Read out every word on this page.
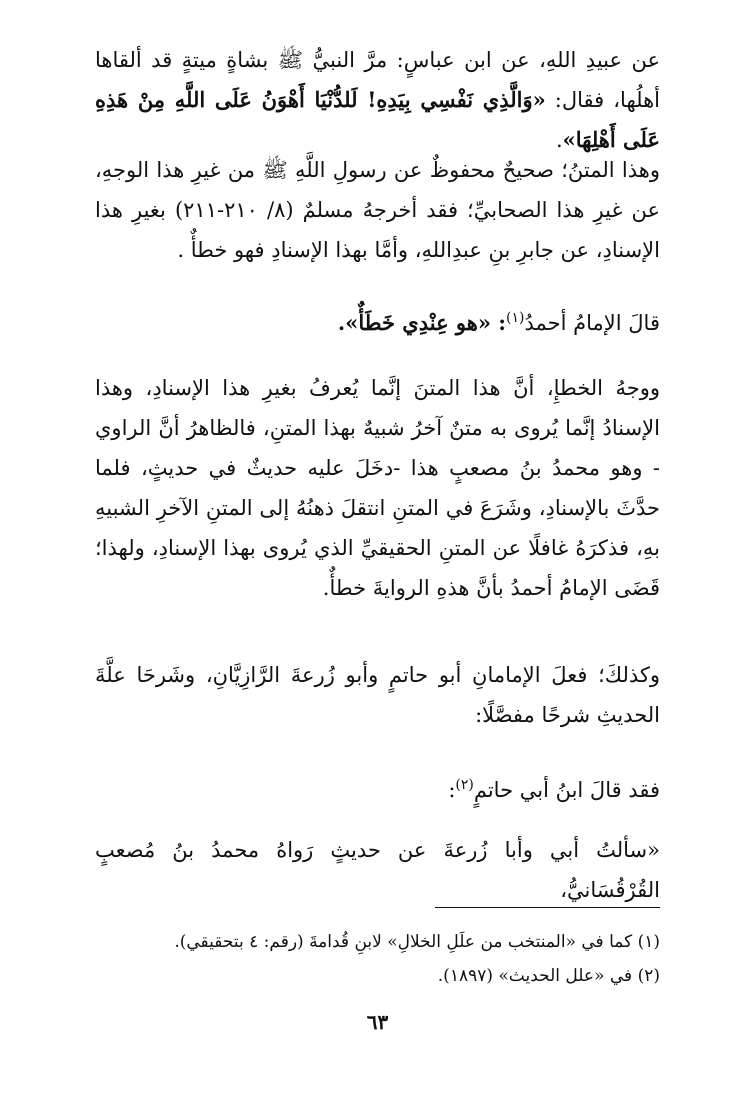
عن عبيدِ اللهِ، عن ابن عباسٍ: مرَّ النبيُّ ﷺ بشاةٍ ميتةٍ قد ألقاها أهلُها، فقال: «وَالَّذِي نَفْسِي بِيَدِهِ! لَلدُّنْيَا أَهْوَنُ عَلَى اللَّهِ مِنْ هَذِهِ عَلَى أَهْلِهَا».

وهذا المتنُ؛ صحيحٌ محفوظٌ عن رسولِ اللَّهِ ﷺ من غيرِ هذا الوجهِ، عن غيرِ هذا الصحابيِّ؛ فقد أخرجهُ مسلمٌ (٨/ ٢١٠-٢١١) بغيرِ هذا الإسنادِ، عن جابرِ بنِ عبدِاللهِ، وأمَّا بهذا الإسنادِ فهو خطأٌ .

قالَ الإمامُ أحمدُ$^{(١)}$: «هو عِنْدِي خَطَأٌ».

ووجهُ الخطإِ، أنَّ هذا المتنَ إنَّما يُعرفُ بغيرِ هذا الإسنادِ، وهذا الإسنادُ إنَّما يُروى به متنٌ آخرُ شبيهٌ بهذا المتنِ، فالظاهرُ أنَّ الراوي - وهو محمدُ بنُ مصعبٍ هذا -دخَلَ عليه حديثٌ في حديثٍ، فلما حدَّثَ بالإسنادِ، وشَرَعَ في المتنِ انتقلَ ذهنُهُ إلى المتنِ الآخرِ الشبيهِ بهِ، فذكرَهُ غافلًا عن المتنِ الحقيقيِّ الذي يُروى بهذا الإسنادِ، ولهذا؛ قَضَى الإمامُ أحمدُ بأنَّ هذهِ الروايةَ خطأٌ.

وكذلكَ؛ فعلَ الإمامانِ أبو حاتمٍ وأبو زُرعةَ الرَّازِيَّانِ، وشَرحَا علَّةَ الحديثِ شرحًا مفصَّلًا:

فقد قالَ ابنُ أبي حاتمٍ$^{(٢)}$:

«سألتُ أبي وأبا زُرعةَ عن حديثٍ رَواهُ محمدُ بنُ مُصعبٍ القُرْقُسَانيُّ،

(١) كما في «المنتخب من علَلِ الخلالِ» لابنِ قُدامةَ (رقم: ٤ بتحقيقي).
(٢) في «علل الحديث» (١٨٩٧).
٦٣
